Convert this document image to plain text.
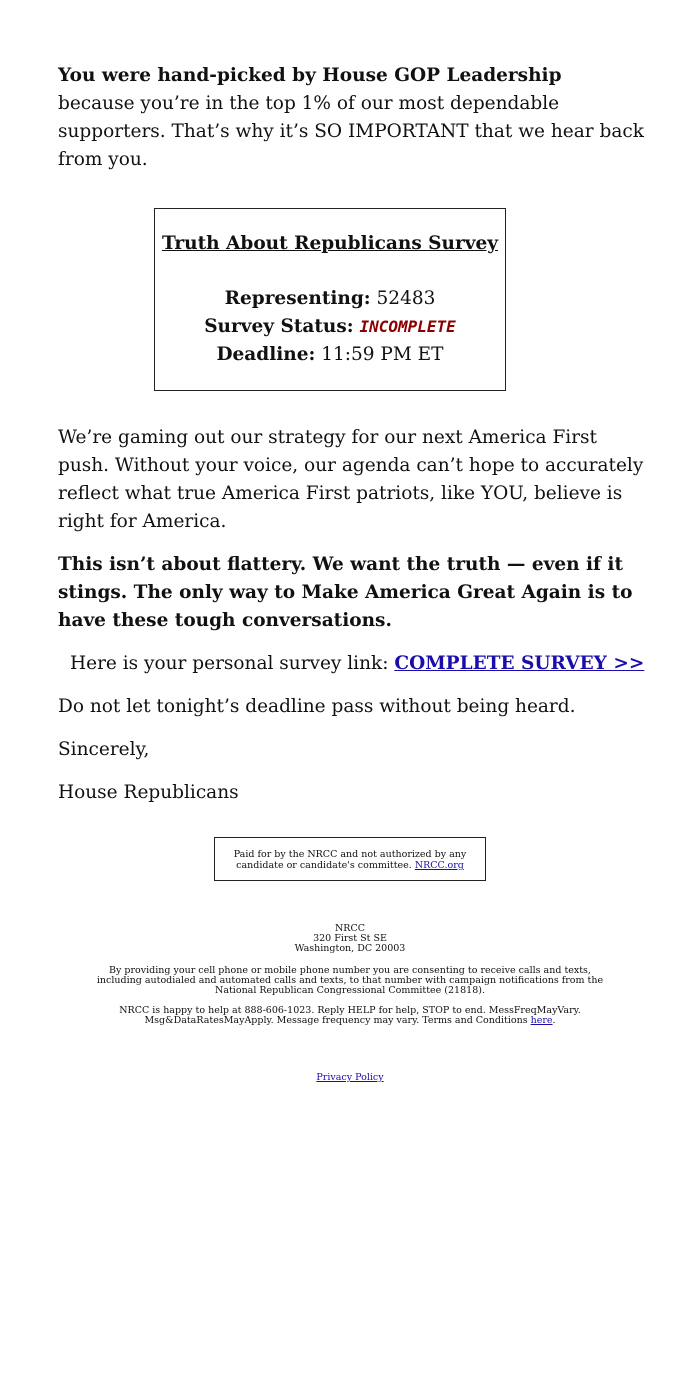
You were hand-picked by House GOP Leadership
because you’re in the top 1% of our most dependable supporters. That’s why it’s SO IMPORTANT that we hear back from you.

Truth About Republicans Survey

Representing: 52483

Survey Status: INCOMPLETE

Deadline: 11:59 PM ET

We’re gaming out our strategy for our next America First push. Without your voice, our agenda can’t hope to accurately reflect what true America First patriots, like YOU, believe is right for America.

This isn’t about flattery. We want the truth — even if it stings. The only way to Make America Great Again is to have these tough conversations.

Here is your personal survey link: COMPLETE SURVEY >>

Do not let tonight’s deadline pass without being heard.

Sincerely,

House Republicans

Paid for by the NRCC and not authorized by any candidate or candidate's committee. NRCC.org
NRCC
320 First St SE
Washington, DC 20003
By providing your cell phone or mobile phone number you are consenting to receive calls and texts, including autodialed and automated calls and texts, to that number with campaign notifications from the National Republican Congressional Committee (21818).
NRCC is happy to help at 888-606-1023. Reply HELP for help, STOP to end. MessFreqMayVary. Msg&DataRatesMayApply. Message frequency may vary. Terms and Conditions here.
Privacy Policy
